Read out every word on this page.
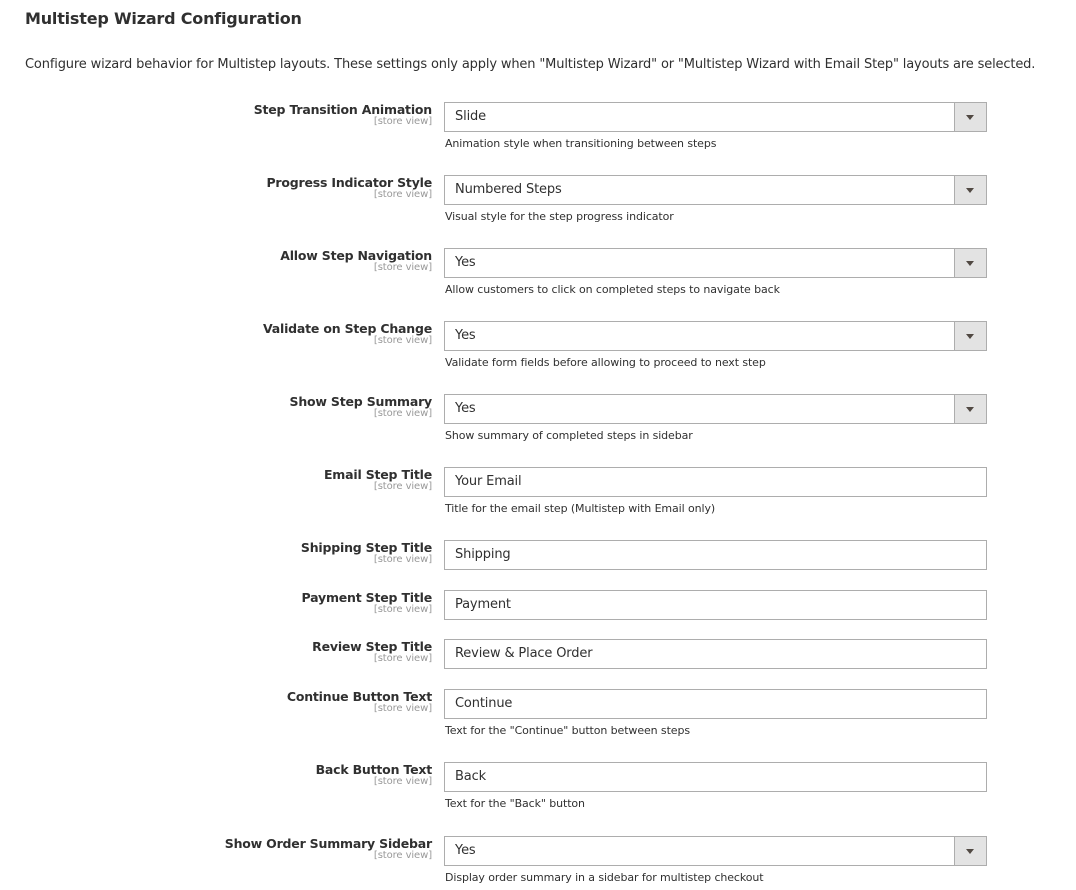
Multistep Wizard Configuration
Configure wizard behavior for Multistep layouts. These settings only apply when "Multistep Wizard" or "Multistep Wizard with Email Step" layouts are selected.
Step Transition Animation
[store view] Slide
Animation style when transitioning between steps
Progress Indicator Style
[store view] Numbered Steps
Visual style for the step progress indicator
Allow Step Navigation
[store view] Yes
Allow customers to click on completed steps to navigate back
Validate on Step Change
[store view] Yes
Validate form fields before allowing to proceed to next step
Show Step Summary
[store view] Yes
Show summary of completed steps in sidebar
Email Step Title
[store view] Your Email
Title for the email step (Multistep with Email only)
Shipping Step Title
[store view] Shipping
Payment Step Title
[store view] Payment
Review Step Title
[store view] Review & Place Order
Continue Button Text
[store view] Continue
Text for the "Continue" button between steps
Back Button Text
[store view] Back
Text for the "Back" button
Show Order Summary Sidebar
[store view] Yes
Display order summary in a sidebar for multistep checkout
